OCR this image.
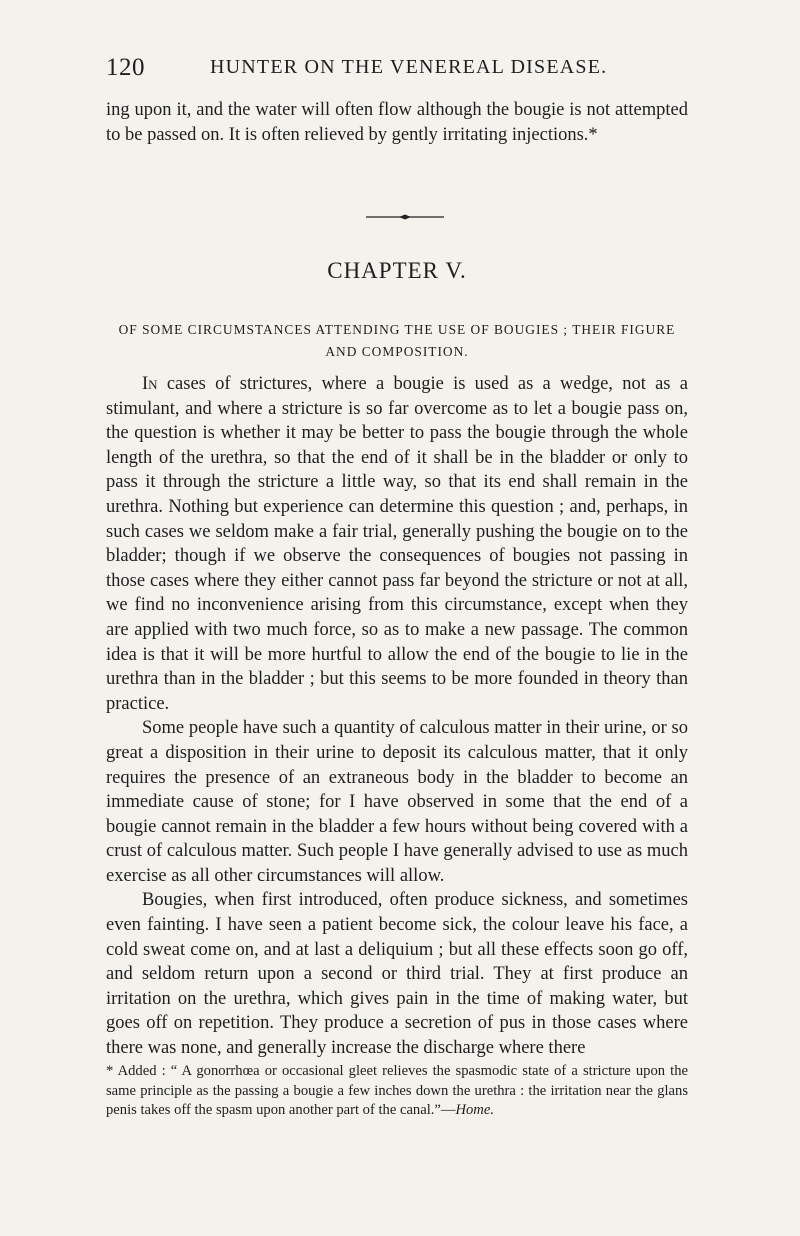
120	HUNTER ON THE VENEREAL DISEASE.

ing upon it, and the water will often flow although the bougie is not attempted to be passed on. It is often relieved by gently irritating injections.*

CHAPTER V.
OF SOME CIRCUMSTANCES ATTENDING THE USE OF BOUGIES ; THEIR FIGURE AND COMPOSITION.

In cases of strictures, where a bougie is used as a wedge, not as a stimulant, and where a stricture is so far overcome as to let a bougie pass on, the question is whether it may be better to pass the bougie through the whole length of the urethra, so that the end of it shall be in the bladder or only to pass it through the stricture a little way, so that its end shall remain in the urethra. Nothing but experience can determine this question ; and, perhaps, in such cases we seldom make a fair trial, generally pushing the bougie on to the bladder; though if we observe the consequences of bougies not passing in those cases where they either cannot pass far beyond the stricture or not at all, we find no inconvenience arising from this circumstance, except when they are applied with two much force, so as to make a new passage. The common idea is that it will be more hurtful to allow the end of the bougie to lie in the urethra than in the bladder ; but this seems to be more founded in theory than practice.

Some people have such a quantity of calculous matter in their urine, or so great a disposition in their urine to deposit its calculous matter, that it only requires the presence of an extraneous body in the bladder to become an immediate cause of stone; for I have observed in some that the end of a bougie cannot remain in the bladder a few hours without being covered with a crust of calculous matter. Such people I have generally advised to use as much exercise as all other circumstances will allow.

Bougies, when first introduced, often produce sickness, and sometimes even fainting. I have seen a patient become sick, the colour leave his face, a cold sweat come on, and at last a deliquium ; but all these effects soon go off, and seldom return upon a second or third trial. They at first produce an irritation on the urethra, which gives pain in the time of making water, but goes off on repetition. They produce a secretion of pus in those cases where there was none, and generally increase the discharge where there

* Added : “ A gonorrhœa or occasional gleet relieves the spasmodic state of a stricture upon the same principle as the passing a bougie a few inches down the urethra : the irritation near the glans penis takes off the spasm upon another part of the canal.”—Home.
